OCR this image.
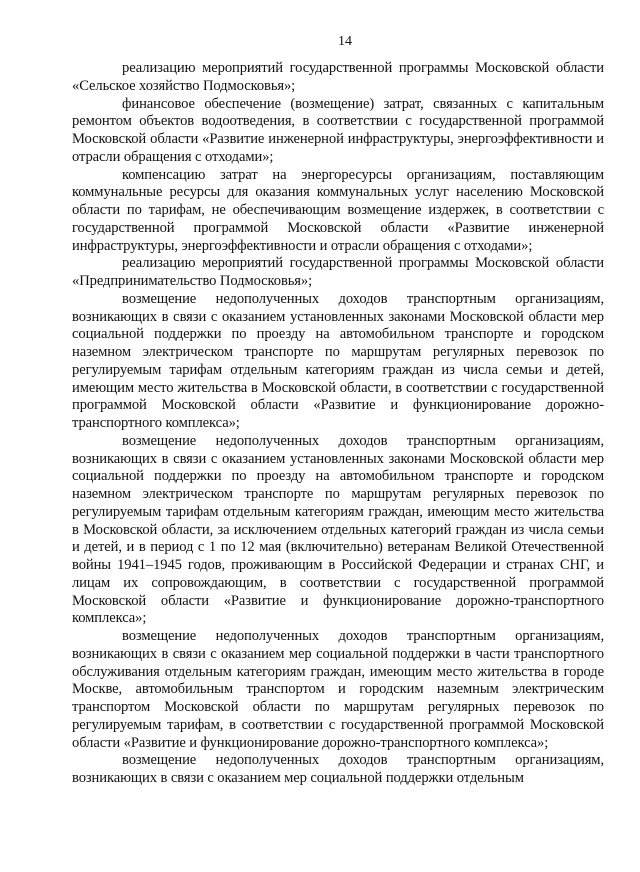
14

реализацию мероприятий государственной программы Московской области «Сельское хозяйство Подмосковья»;

финансовое обеспечение (возмещение) затрат, связанных с капитальным ремонтом объектов водоотведения, в соответствии с государственной программой Московской области «Развитие инженерной инфраструктуры, энергоэффективности и отрасли обращения с отходами»;

компенсацию затрат на энергоресурсы организациям, поставляющим коммунальные ресурсы для оказания коммунальных услуг населению Московской области по тарифам, не обеспечивающим возмещение издержек, в соответствии с государственной программой Московской области «Развитие инженерной инфраструктуры, энергоэффективности и отрасли обращения с отходами»;

реализацию мероприятий государственной программы Московской области «Предпринимательство Подмосковья»;

возмещение недополученных доходов транспортным организациям, возникающих в связи с оказанием установленных законами Московской области мер социальной поддержки по проезду на автомобильном транспорте и городском наземном электрическом транспорте по маршрутам регулярных перевозок по регулируемым тарифам отдельным категориям граждан из числа семьи и детей, имеющим место жительства в Московской области, в соответствии с государственной программой Московской области «Развитие и функционирование дорожно-транспортного комплекса»;

возмещение недополученных доходов транспортным организациям, возникающих в связи с оказанием установленных законами Московской области мер социальной поддержки по проезду на автомобильном транспорте и городском наземном электрическом транспорте по маршрутам регулярных перевозок по регулируемым тарифам отдельным категориям граждан, имеющим место жительства в Московской области, за исключением отдельных категорий граждан из числа семьи и детей, и в период с 1 по 12 мая (включительно) ветеранам Великой Отечественной войны 1941–1945 годов, проживающим в Российской Федерации и странах СНГ, и лицам их сопровождающим, в соответствии с государственной программой Московской области «Развитие и функционирование дорожно-транспортного комплекса»;

возмещение недополученных доходов транспортным организациям, возникающих в связи с оказанием мер социальной поддержки в части транспортного обслуживания отдельным категориям граждан, имеющим место жительства в городе Москве, автомобильным транспортом и городским наземным электрическим транспортом Московской области по маршрутам регулярных перевозок по регулируемым тарифам, в соответствии с государственной программой Московской области «Развитие и функционирование дорожно-транспортного комплекса»;

возмещение недополученных доходов транспортным организациям, возникающих в связи с оказанием мер социальной поддержки отдельным
